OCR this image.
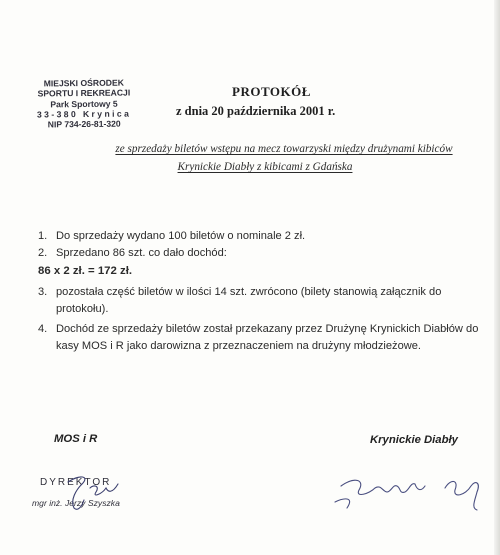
MIEJSKI OŚRODEK
SPORTU I REKREACJI
Park Sportowy 5
33-380 Krynica
NIP 734-26-81-320
PROTOKÓŁ
z dnia 20 października 2001 r.
ze sprzedaży biletów wstępu na mecz towarzyski między drużynami kibiców
Krynickie Diabły z kibicami z Gdańska
1. Do sprzedaży wydano 100 biletów o nominale 2 zł.

2. Sprzedano 86 szt. co dało dochód:

86 x 2 zł. = 172 zł.
3. pozostała część biletów w ilości 14 szt. zwrócono (bilety stanowią załącznik do protokołu).

4. Dochód ze sprzedaży biletów został przekazany przez Drużynę Krynickich Diabłów do kasy MOS i R jako darowizna z przeznaczeniem na drużyny młodzieżowe.

MOS i R	Krynickie Diabły
DYREKTOR
mgr inż. Jerzy Szyszka
